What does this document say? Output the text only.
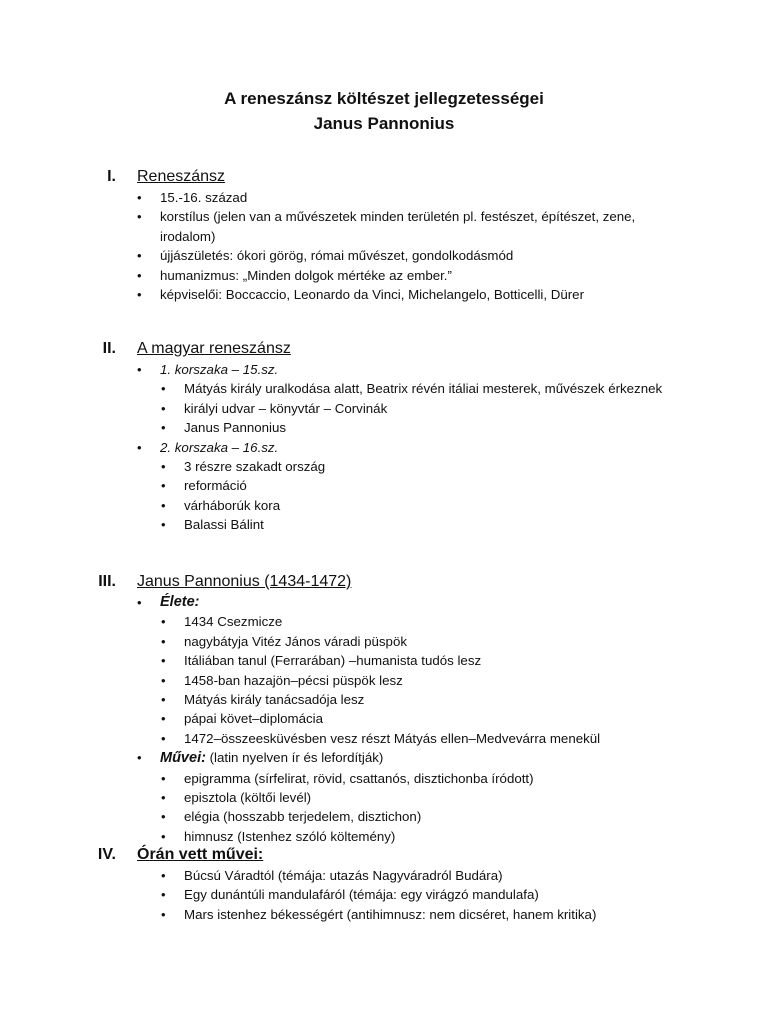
A reneszánsz költészet jellegzetességei
Janus Pannonius
I. Reneszánsz
• 15.-16. század
• korstílus (jelen van a művészetek minden területén pl. festészet, építészet, zene, irodalom)
• újjászületés: ókori görög, római művészet, gondolkodásmód
• humanizmus: „Minden dolgok mértéke az ember.”
• képviselői: Boccaccio, Leonardo da Vinci, Michelangelo, Botticelli, Dürer
II. A magyar reneszánsz
• 1. korszaka – 15.sz.
• Mátyás király uralkodása alatt, Beatrix révén itáliai mesterek, művészek érkeznek
• királyi udvar – könyvtár – Corvinák
• Janus Pannonius
• 2. korszaka – 16.sz.
• 3 részre szakadt ország
• reformáció
• várháborúk kora
• Balassi Bálint
III. Janus Pannonius (1434-1472)
• Élete:
• 1434 Csezmicze
• nagybátyja Vitéz János váradi püspök
• Itáliában tanul (Ferrarában) –humanista tudós lesz
• 1458-ban hazajön–pécsi püspök lesz
• Mátyás király tanácsadója lesz
• pápai követ–diplomácia
• 1472–összeesküvésben vesz részt Mátyás ellen–Medvevárra menekül
• Művei: (latin nyelven ír és lefordítják)
• epigramma (sírfelirat, rövid, csattanós, disztichonba íródott)
• episztola (költői levél)
• elégia (hosszabb terjedelem, disztichon)
• himnusz (Istenhez szóló költemény)
IV. Órán vett művei:
• Búcsú Váradtól (témája: utazás Nagyváradról Budára)
• Egy dunántúli mandulafáról (témája: egy virágzó mandulafa)
• Mars istenhez békességért (antihimnusz: nem dicséret, hanem kritika)
